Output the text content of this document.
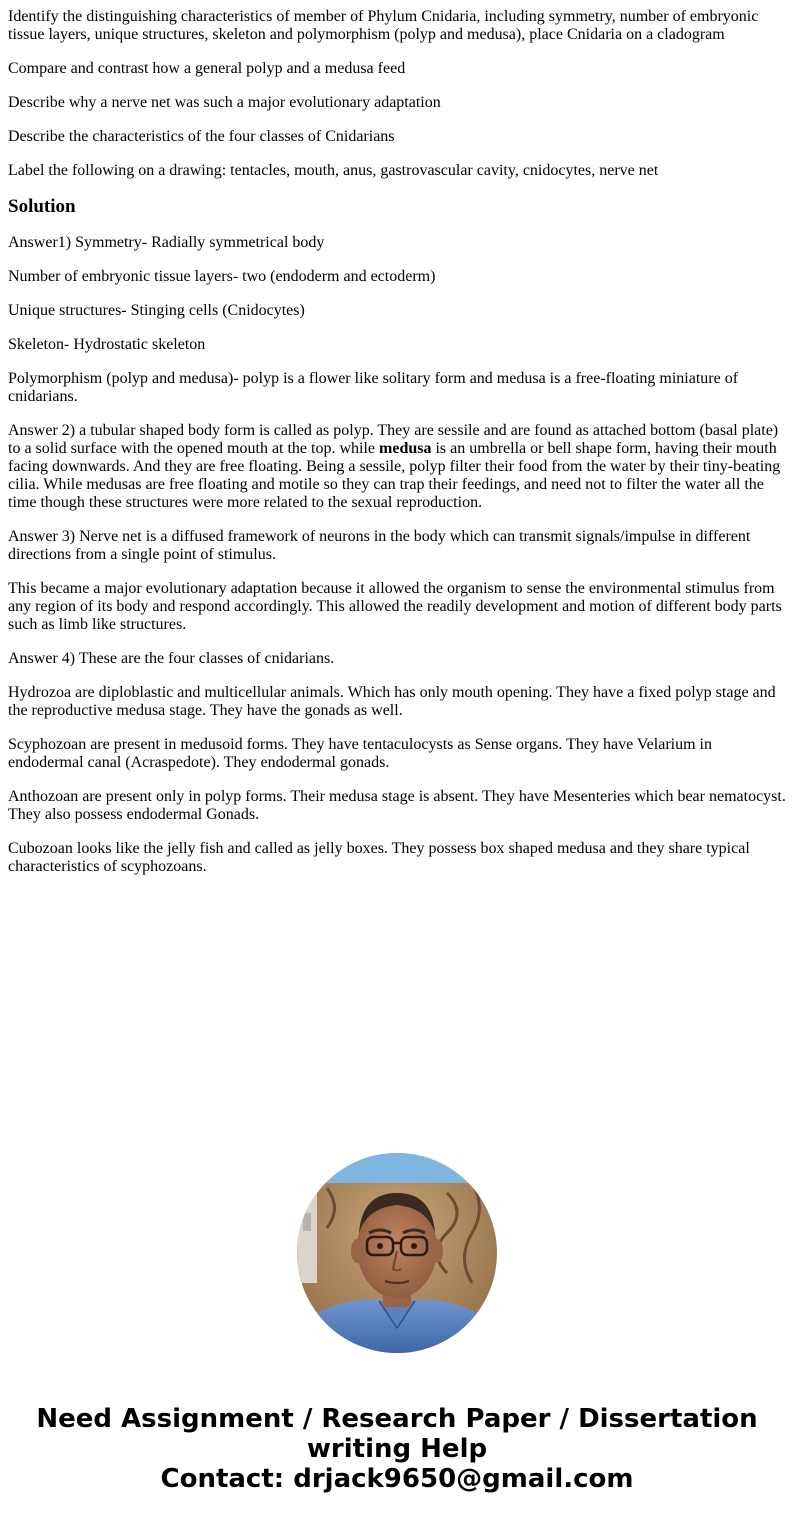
Identify the distinguishing characteristics of member of Phylum Cnidaria, including symmetry, number of embryonic tissue layers, unique structures, skeleton and polymorphism (polyp and medusa), place Cnidaria on a cladogram

Compare and contrast how a general polyp and a medusa feed

Describe why a nerve net was such a major evolutionary adaptation

Describe the characteristics of the four classes of Cnidarians

Label the following on a drawing: tentacles, mouth, anus, gastrovascular cavity, cnidocytes, nerve net

Solution

Answer1) Symmetry- Radially symmetrical body

Number of embryonic tissue layers- two (endoderm and ectoderm)

Unique structures- Stinging cells (Cnidocytes)

Skeleton- Hydrostatic skeleton

Polymorphism (polyp and medusa)- polyp is a flower like solitary form and medusa is a free-floating miniature of cnidarians.

Answer 2) a tubular shaped body form is called as polyp. They are sessile and are found as attached bottom (basal plate) to a solid surface with the opened mouth at the top. while medusa is an umbrella or bell shape form, having their mouth facing downwards. And they are free floating. Being a sessile, polyp filter their food from the water by their tiny-beating cilia. While medusas are free floating and motile so they can trap their feedings, and need not to filter the water all the time though these structures were more related to the sexual reproduction.

Answer 3) Nerve net is a diffused framework of neurons in the body which can transmit signals/impulse in different directions from a single point of stimulus.

This became a major evolutionary adaptation because it allowed the organism to sense the environmental stimulus from any region of its body and respond accordingly. This allowed the readily development and motion of different body parts such as limb like structures.

Answer 4) These are the four classes of cnidarians.

Hydrozoa are diploblastic and multicellular animals. Which has only mouth opening. They have a fixed polyp stage and the reproductive medusa stage. They have the gonads as well.

Scyphozoan are present in medusoid forms. They have tentaculocysts as Sense organs. They have Velarium in endodermal canal (Acraspedote). They endodermal gonads.

Anthozoan are present only in polyp forms. Their medusa stage is absent. They have Mesenteries which bear nematocyst. They also possess endodermal Gonads.

Cubozoan looks like the jelly fish and called as jelly boxes. They possess box shaped medusa and they share typical characteristics of scyphozoans.

Need Assignment / Research Paper / Dissertation
writing Help
Contact: drjack9650@gmail.com
